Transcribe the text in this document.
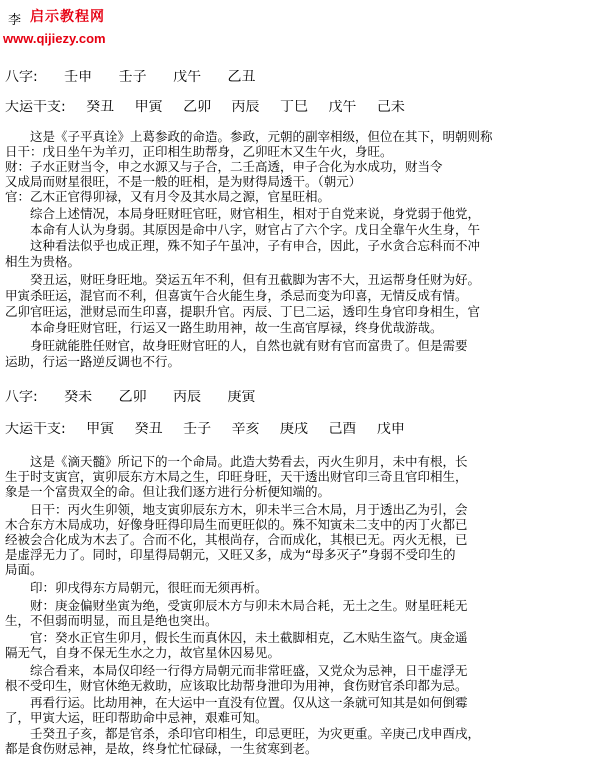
李 启示教程网
www.qijiezy.com
八字: 壬申 壬子 戊午 乙丑
大运干支: 癸丑 甲寅 乙卯 丙辰 丁巳 戊午 己未
　　这是《子平真诠》上葛参政的命造。参政，元朝的副宰相级，但位在其下，明朝则称
日干：戊日坐午为羊刃，正印相生助帮身，乙卯旺木又生午火，身旺。
财：子水正财当令，申之水源又与子合，二壬高透，申子合化为水成功，财当令
又成局而财星很旺，不是一般的旺相，是为财得局透干。（朝元）
官：乙木正官得卯禄，又有月令及其水局之源，官星旺相。
　　综合上述情况，本局身旺财旺官旺，财官相生，相对于自党来说，身党弱于他党，
　　本命有人认为身弱。其原因是命中八字，财官占了六个字。戊日全靠午火生身，午
　　这种看法似乎也成正理，殊不知子午虽冲，子有申合，因此，子水贪合忘科而不冲
相生为贵格。
　　癸丑运，财旺身旺地。癸运五年不利，但有丑截脚为害不大，丑运帮身任财为好。
甲寅杀旺运，混官而不利，但喜寅午合火能生身，杀忌而变为印喜，无情反成有情。
乙卯官旺运，泄财忌而生印喜，提职升官。丙辰、丁巳二运，透印生身官印身相生，官
　　本命身旺财官旺，行运又一路生助用神，故一生高官厚禄，终身优哉游哉。
　　身旺就能胜任财官，故身旺财官旺的人，自然也就有财有官而富贵了。但是需要
运助，行运一路逆反调也不行。
八字: 癸未 乙卯 丙辰 庚寅
大运干支: 甲寅 癸丑 壬子 辛亥 庚戌 己酉 戊申
　　这是《滴天髓》所记下的一个命局。此造大势看去，丙火生卯月，未中有根，长
生于时支寅宫，寅卯辰东方木局之生，印旺身旺，天干透出财官印三奇且官印相生，
象是一个富贵双全的命。但让我们逐方进行分析便知端的。
　　日干：丙火生卯领，地支寅卯辰东方木，卯未半三合木局，月于透出乙为引，会
木合东方木局成功，好像身旺得印局生而更旺似的。殊不知寅未二支中的丙丁火都已
经被会合化成为木去了。合而不化，其根尚存，合而成化，其根已无。丙火无根，已
是虚浮无力了。同时，印星得局朝元，又旺又多，成为“母多灭子”身弱不受印生的
局面。
　　印：卯戌得东方局朝元，很旺而无须再析。
　　财：庚金偏财坐寅为绝，受寅卯辰木方与卯未木局合耗，无土之生。财星旺耗无
生，不但弱而明显，而且是绝也突出。
　　官：癸水正官生卯月，假长生而真休囚，未土截脚相克，乙木贴生盗气。庚金遥
隔无气，自身不保无生水之力，故官星休囚易见。
　　综合看来，本局仅印经一行得方局朝元而非常旺盛，又党众为忌神，日干虚浮无
根不受印生，财官休绝无救助，应该取比劫帮身泄印为用神，食伤财官杀印都为忌。
　　再看行运。比劫用神，在大运中一直没有位置。仅从这一条就可知其是如何倒霉
了，甲寅大运，旺印帮助命中忌神，艰难可知。
　　壬癸丑子亥，都是官杀，杀印官印相生，印忌更旺，为灾更重。辛庚己戊申酉戌，
都是食伤财忌神，是故，终身忙忙碌碌，一生贫寒到老。
